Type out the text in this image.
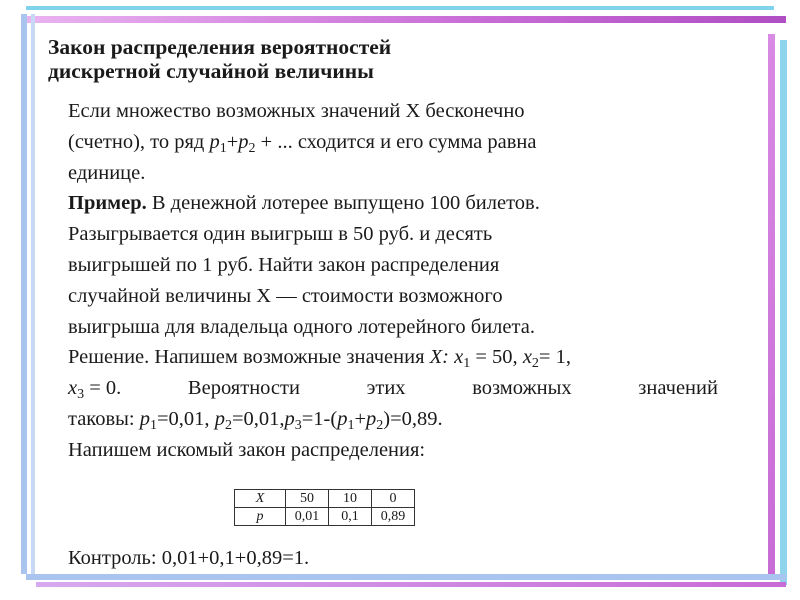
Закон распределения вероятностей
дискретной случайной величины
Если множество возможных значений X бесконечно
(счетно), то ряд $p_1+p_2$ + ... сходится и его сумма равна
единице.
Пример. В денежной лотерее выпущено 100 билетов.
Разыгрывается один выигрыш в 50 руб. и десять
выигрышей по 1 руб. Найти закон распределения
случайной величины X — стоимости возможного
выигрыша для владельца одного лотерейного билета.
Решение. Напишем возможные значения X: $x_1 = 50$, $x_2= 1$,
$x_3 = 0$.	Вероятности	этих	возможных	значений
таковы: $p_1=0,01$, $p_2=0,01,p_3=1-(p_1+p_2)=0,89$.
Напишем искомый закон распределения:
X	50	10	0
p	0,01	0,1	0,89
Контроль: 0,01+0,1+0,89=1.
